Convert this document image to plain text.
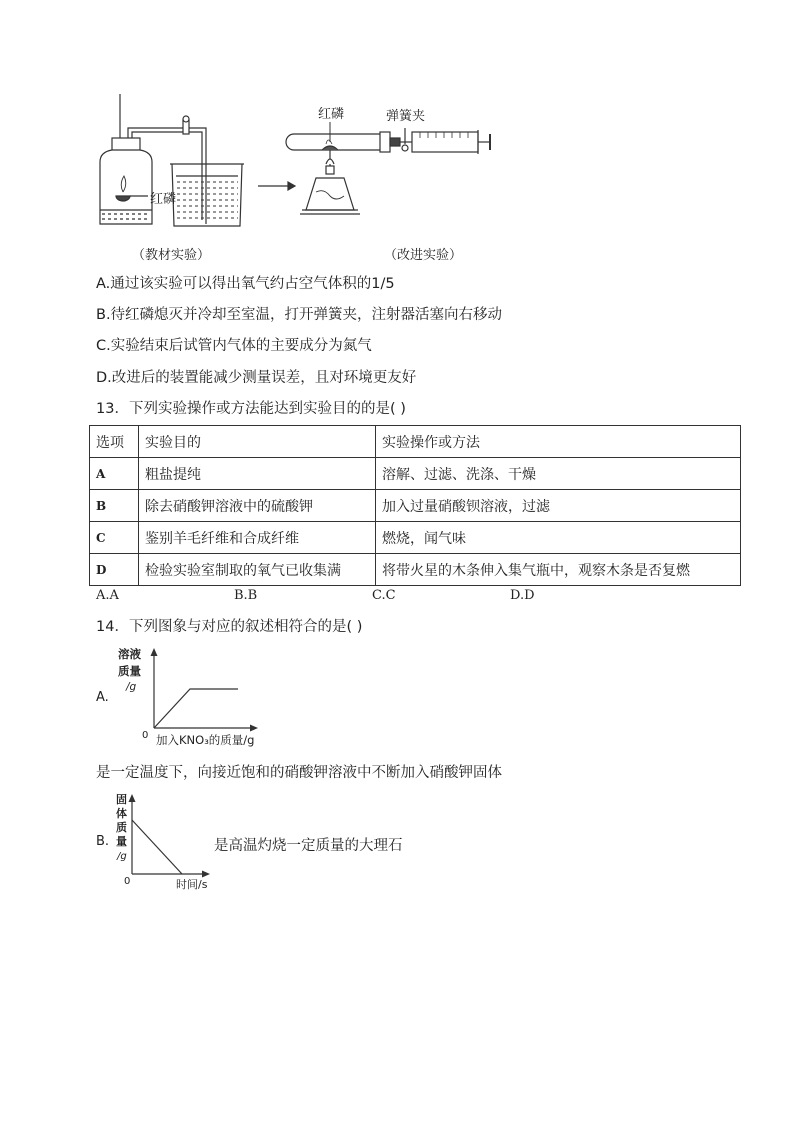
红磷
红磷	弹簧夹
（教材实验）	（改进实验）
A.通过该实验可以得出氧气约占空气体积的1/5
B.待红磷熄灭并冷却至室温，打开弹簧夹，注射器活塞向右移动
C.实验结束后试管内气体的主要成分为氮气
D.改进后的装置能减少测量误差，且对环境更友好
13．下列实验操作或方法能达到实验目的的是( )
选项	实验目的	实验操作或方法
A	粗盐提纯	溶解、过滤、洗涤、干燥
B	除去硝酸钾溶液中的硫酸钾	加入过量硝酸钡溶液，过滤
C	鉴别羊毛纤维和合成纤维	燃烧，闻气味
D	检验实验室制取的氧气已收集满	将带火星的木条伸入集气瓶中，观察木条是否复燃
A.A	B.B	C.C	D.D
14．下列图象与对应的叙述相符合的是( )
A.
溶液
质量
/g
0 加入KNO₃的质量/g
是一定温度下，向接近饱和的硝酸钾溶液中不断加入硝酸钾固体
B.
固
体
质
量
/g
0	时间/s
是高温灼烧一定质量的大理石
